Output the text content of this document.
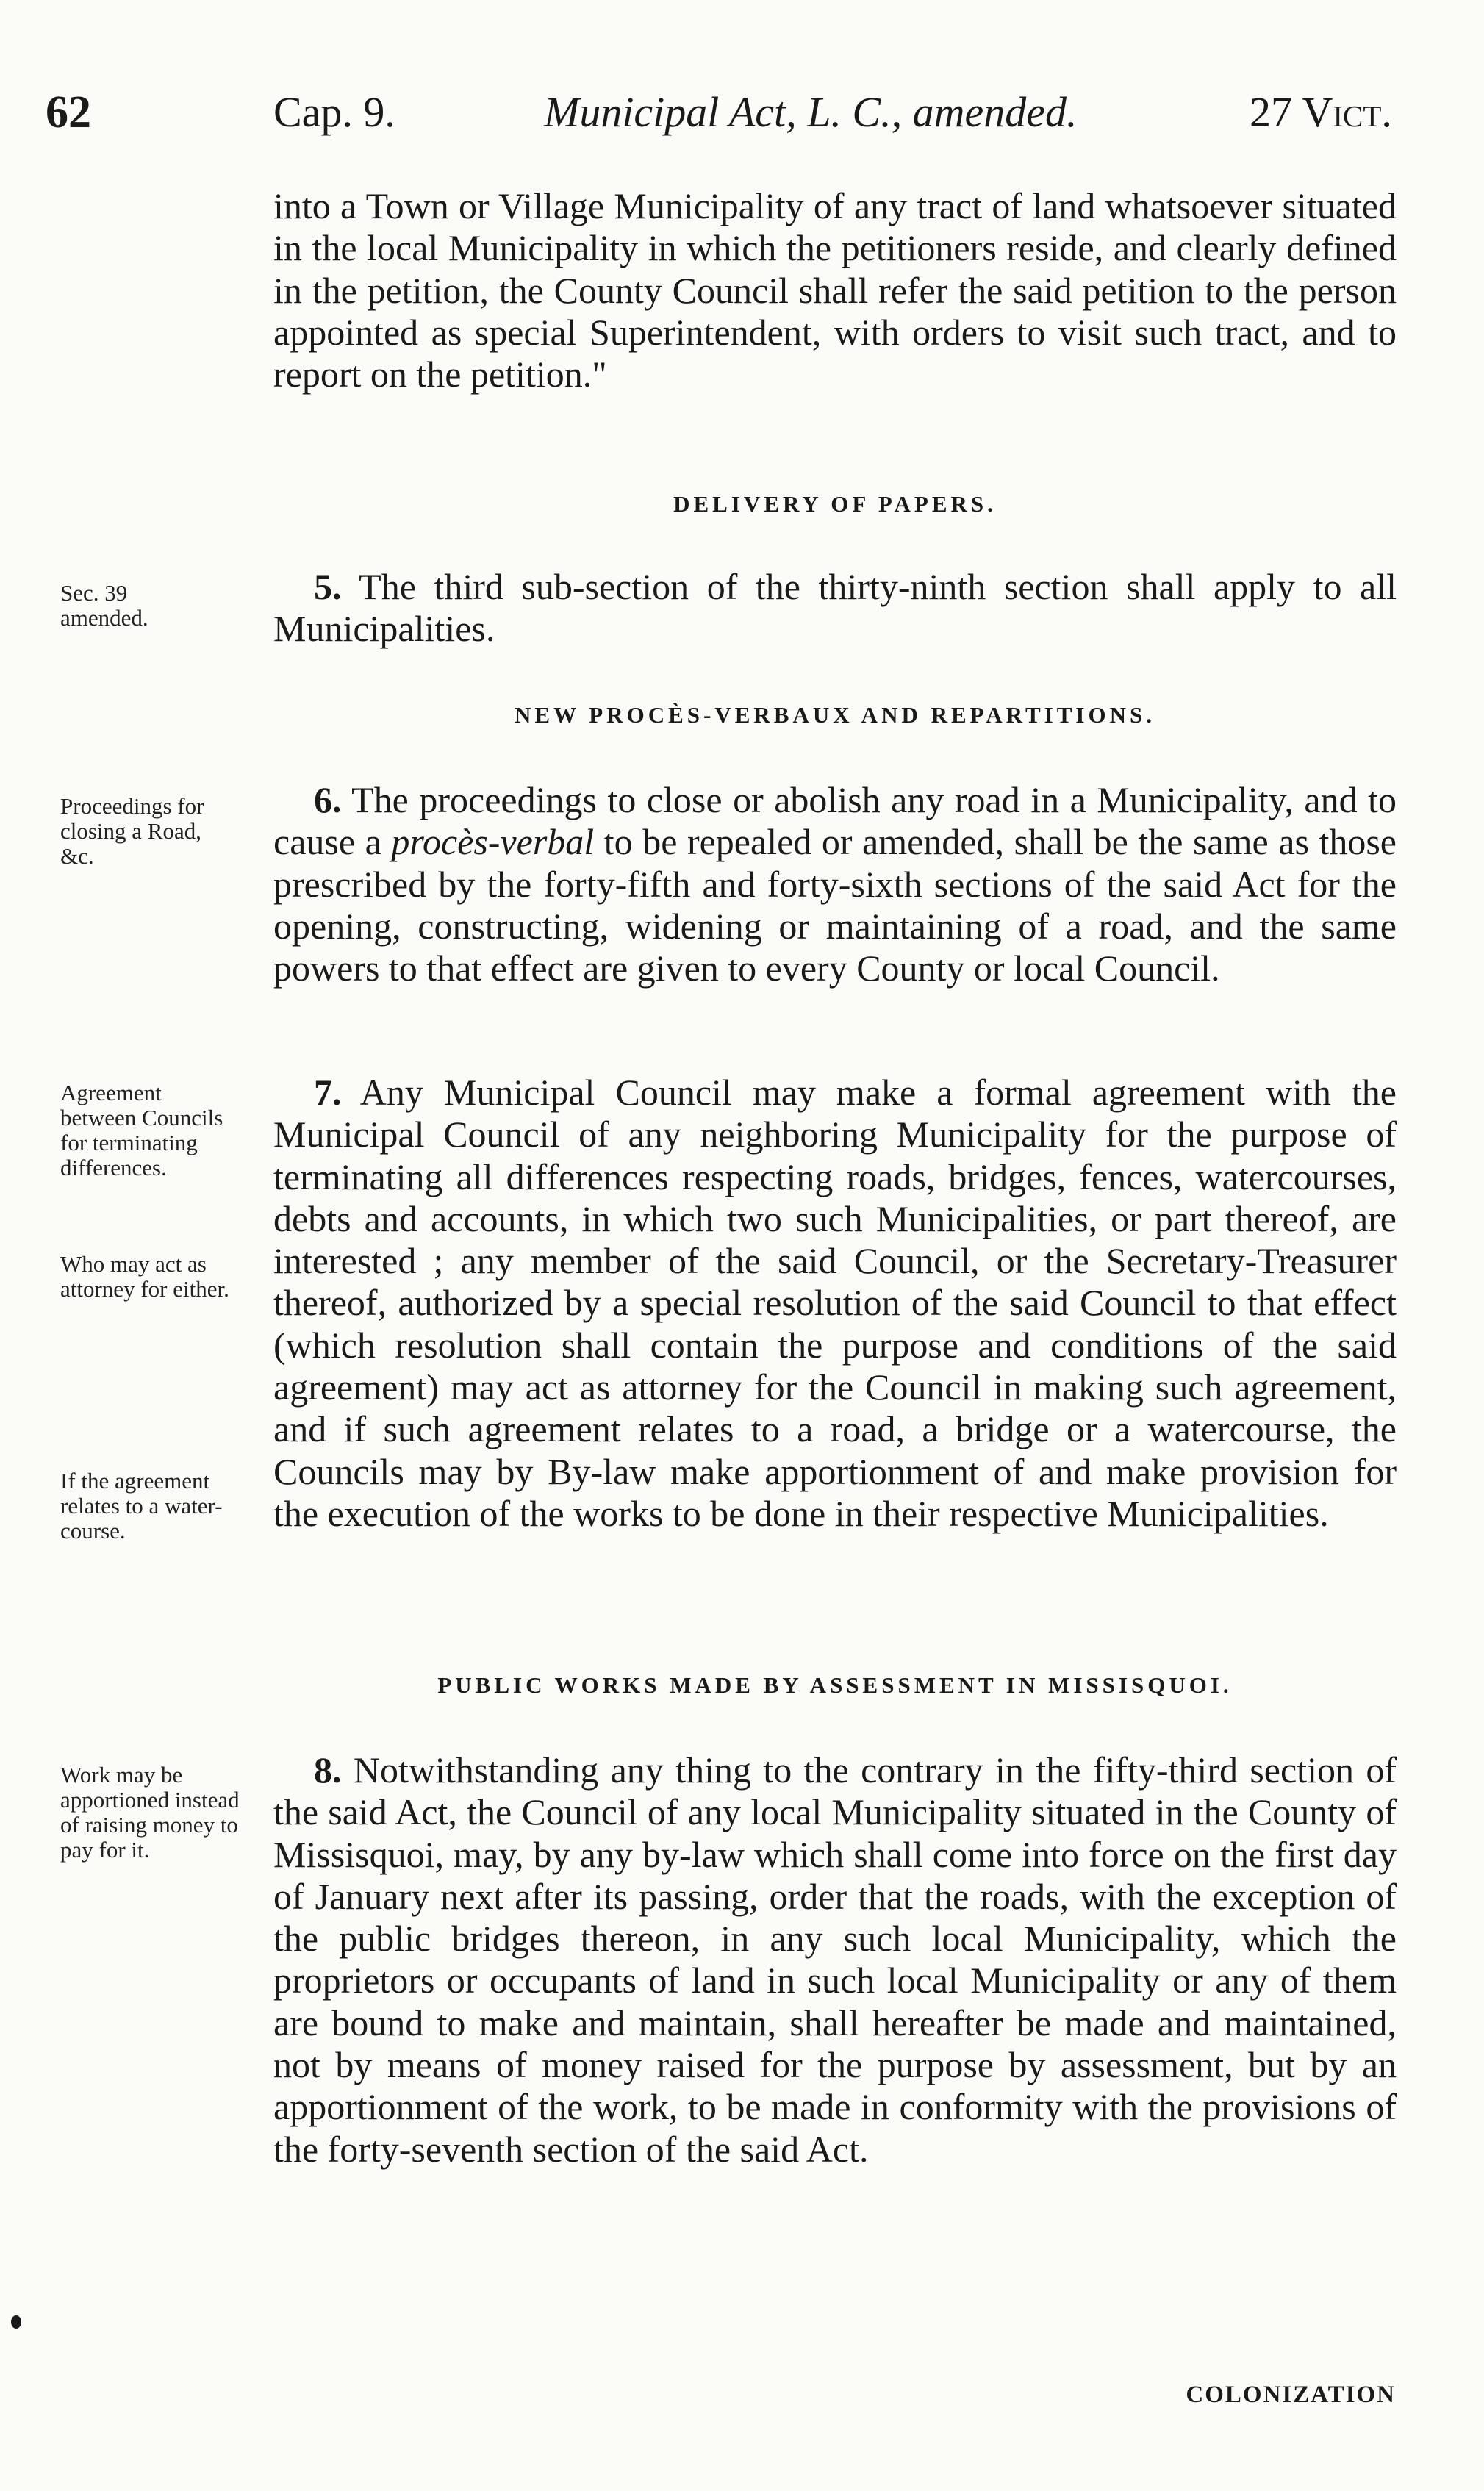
62	Cap. 9.	Municipal Act, L. C., amended.	27 Vict.

into a Town or Village Municipality of any tract of land whatsoever situated in the local Municipality in which the petitioners reside, and clearly defined in the petition, the County Council shall refer the said petition to the person appointed as special Superintendent, with orders to visit such tract, and to report on the petition."

DELIVERY OF PAPERS.

Sec. 39 amended.

5. The third sub-section of the thirty-ninth section shall apply to all Municipalities.

NEW PROCÈS-VERBAUX AND REPARTITIONS.

Proceedings for closing a Road, &c.

6. The proceedings to close or abolish any road in a Municipality, and to cause a procès-verbal to be repealed or amended, shall be the same as those prescribed by the forty-fifth and forty-sixth sections of the said Act for the opening, constructing, widening or maintaining of a road, and the same powers to that effect are given to every County or local Council.

Agreement between Councils for terminating differences.

Who may act as attorney for either.

If the agreement relates to a water-course.

7. Any Municipal Council may make a formal agreement with the Municipal Council of any neighboring Municipality for the purpose of terminating all differences respecting roads, bridges, fences, watercourses, debts and accounts, in which two such Municipalities, or part thereof, are interested ; any member of the said Council, or the Secretary-Treasurer thereof, authorized by a special resolution of the said Council to that effect (which resolution shall contain the purpose and conditions of the said agreement) may act as attorney for the Council in making such agreement, and if such agreement relates to a road, a bridge or a watercourse, the Councils may by By-law make apportionment of and make provision for the execution of the works to be done in their respective Municipalities.

PUBLIC WORKS MADE BY ASSESSMENT IN MISSISQUOI.

Work may be apportioned instead of raising money to pay for it.

8. Notwithstanding any thing to the contrary in the fifty-third section of the said Act, the Council of any local Municipality situated in the County of Missisquoi, may, by any by-law which shall come into force on the first day of January next after its passing, order that the roads, with the exception of the public bridges thereon, in any such local Municipality, which the proprietors or occupants of land in such local Municipality or any of them are bound to make and maintain, shall hereafter be made and maintained, not by means of money raised for the purpose by assessment, but by an apportionment of the work, to be made in conformity with the provisions of the forty-seventh section of the said Act.

COLONIZATION
